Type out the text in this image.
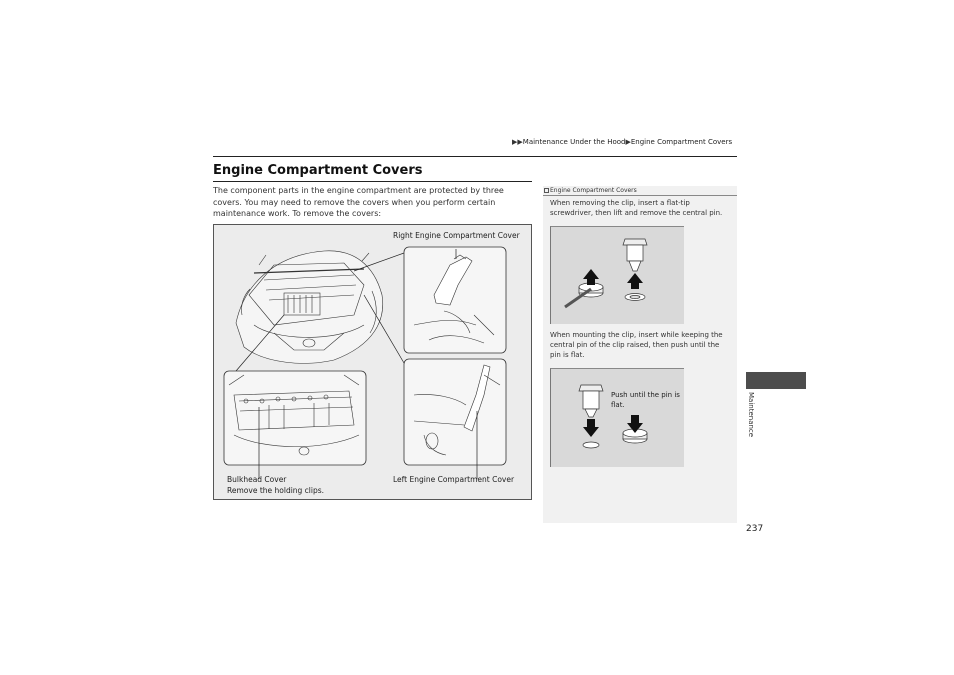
▶▶Maintenance Under the Hood▶Engine Compartment Covers
Engine Compartment Covers
The component parts in the engine compartment are protected by three covers. You may need to remove the covers when you perform certain maintenance work. To remove the covers:
Right Engine Compartment Cover
Left Engine Compartment Cover
Bulkhead Cover
Remove the holding clips.
Engine Compartment Covers
When removing the clip, insert a flat-tip screwdriver, then lift and remove the central pin.
When mounting the clip, insert while keeping the central pin of the clip raised, then push until the pin is flat.
Push until the pin is flat.	Maintenance
237
